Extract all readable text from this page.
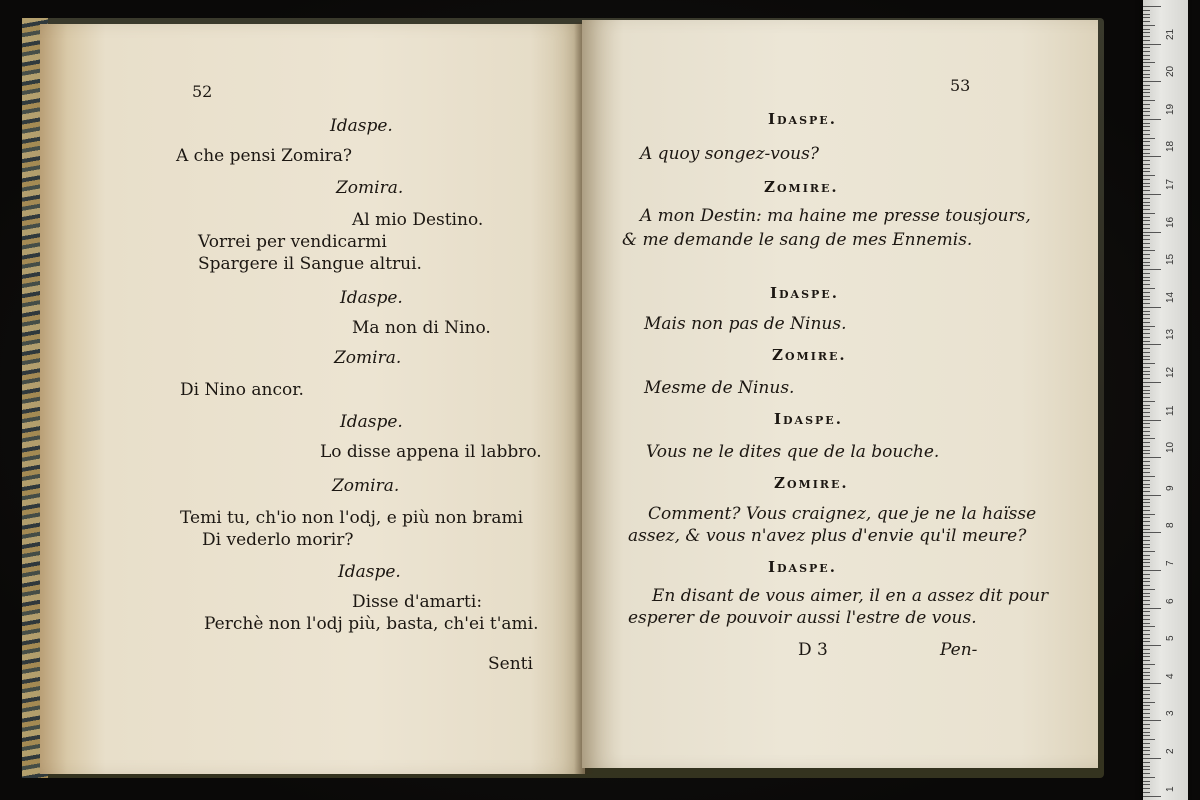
52
Idaspe.
A che pensi Zomira?
Zomira.
Al mio Destino.
Vorrei per vendicarmi
Spargere il Sangue altrui.
Idaspe.
Ma non di Nino.
Zomira.
Di Nino ancor.
Idaspe.
Lo disse appena il labbro.
Zomira.
Temi tu, ch'io non l'odj, e più non brami
Di vederlo morir?
Idaspe.
Disse d'amarti:
Perchè non l'odj più, basta, ch'ei t'ami.
Senti
53
Idaspe.
A quoy songez-vous?
Zomire.
A mon Destin: ma haine me presse tousjours,
& me demande le sang de mes Ennemis.
Idaspe.
Mais non pas de Ninus.
Zomire.
Mesme de Ninus.
Idaspe.
Vous ne le dites que de la bouche.
Zomire.
Comment? Vous craignez, que je ne la haïsse
assez, & vous n'avez plus d'envie qu'il meure?
Idaspe.
En disant de vous aimer, il en a assez dit pour
esperer de pouvoir aussi l'estre de vous.
D 3	Pen-
21
20
19
18
17
16
15
14
13
12
11
10
9
8
7
6
5
4
3
2
1
